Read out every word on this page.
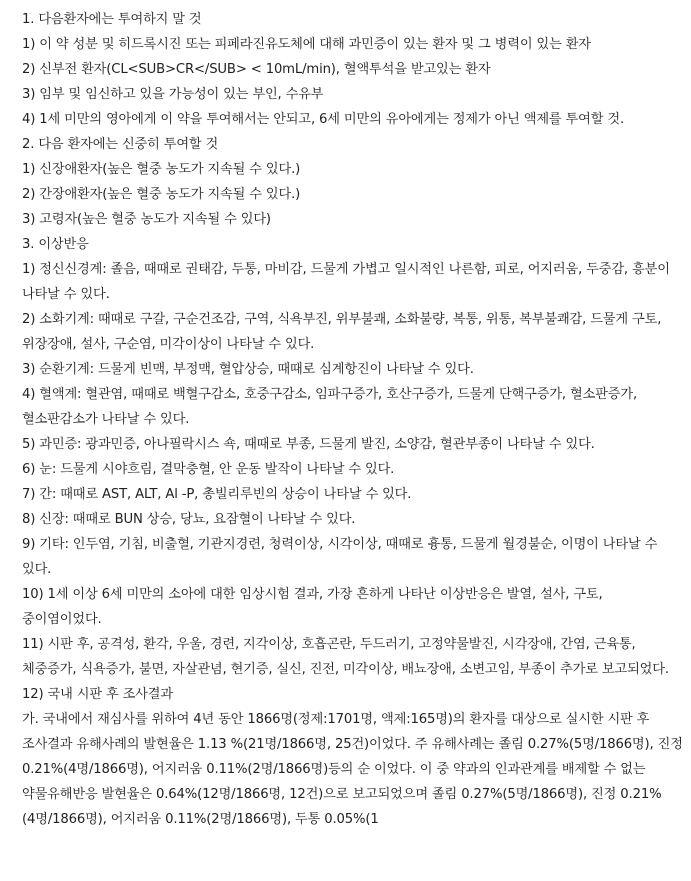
1. 다음환자에는 투여하지 말 것

1) 이 약 성분 및 히드록시진 또는 피페라진유도체에 대해 과민증이 있는 환자 및 그 병력이 있는 환자

2) 신부전 환자(CL<SUB>CR</SUB> < 10mL/min), 혈액투석을 받고있는 환자

3) 임부 및 임신하고 있을 가능성이 있는 부인, 수유부

4) 1세 미만의 영아에게 이 약을 투여해서는 안되고, 6세 미만의 유아에게는 정제가 아닌 액제를 투여할 것.

2. 다음 환자에는 신중히 투여할 것

1) 신장애환자(높은 혈중 농도가 지속될 수 있다.)

2) 간장애환자(높은 혈중 농도가 지속될 수 있다.)

3) 고령자(높은 혈중 농도가 지속될 수 있다)

3. 이상반응

1) 정신신경계: 졸음, 때때로 권태감, 두통, 마비감, 드물게 가볍고 일시적인 나른함, 피로, 어지러움, 두중감, 흥분이 나타날 수 있다.

2) 소화기계: 때때로 구갈, 구순건조감, 구역, 식욕부진, 위부불쾌, 소화불량, 복통, 위통, 복부불쾌감, 드물게 구토, 위장장애, 설사, 구순염, 미각이상이 나타날 수 있다.

3) 순환기계: 드물게 빈맥, 부정맥, 혈압상승, 때때로 심계항진이 나타날 수 있다.

4) 혈액계: 혈관염, 때때로 백혈구감소, 호중구감소, 임파구증가, 호산구증가, 드물게 단핵구증가, 혈소판증가, 혈소판감소가 나타날 수 있다.

5) 과민증: 광과민증, 아나필락시스 쇽, 때때로 부종, 드물게 발진, 소양감, 혈관부종이 나타날 수 있다.

6) 눈: 드물게 시야흐림, 결막충혈, 안 운동 발작이 나타날 수 있다.

7) 간: 때때로 AST, ALT, Al -P, 총빌리루빈의 상승이 나타날 수 있다.

8) 신장: 때때로 BUN 상승, 당뇨, 요잠혈이 나타날 수 있다.

9) 기타: 인두염, 기침, 비출혈, 기관지경련, 청력이상, 시각이상, 때때로 흉통, 드물게 월경불순, 이명이 나타날 수 있다.

10) 1세 이상 6세 미만의 소아에 대한 임상시험 결과, 가장 흔하게 나타난 이상반응은 발열, 설사, 구토, 중이염이었다.

11) 시판 후, 공격성, 환각, 우울, 경련, 지각이상, 호흡곤란, 두드러기, 고정약물발진, 시각장애, 간염, 근육통, 체중증가, 식욕증가, 불면, 자살관념, 현기증, 실신, 진전, 미각이상, 배뇨장애, 소변고임, 부종이 추가로 보고되었다.

12) 국내 시판 후 조사결과

가. 국내에서 재심사를 위하여 4년 동안 1866명(정제:1701명, 액제:165명)의 환자를 대상으로 실시한 시판 후 조사결과 유해사례의 발현율은 1.13 %(21명/1866명, 25건)이었다. 주 유해사례는 졸림 0.27%(5명/1866명), 진정 0.21%(4명/1866명), 어지러움 0.11%(2명/1866명)등의 순 이었다. 이 중 약과의 인과관계를 배제할 수 없는 약물유해반응 발현율은 0.64%(12명/1866명, 12건)으로 보고되었으며 졸림 0.27%(5명/1866명), 진정 0.21%(4명/1866명), 어지러움 0.11%(2명/1866명), 두통 0.05%(1
